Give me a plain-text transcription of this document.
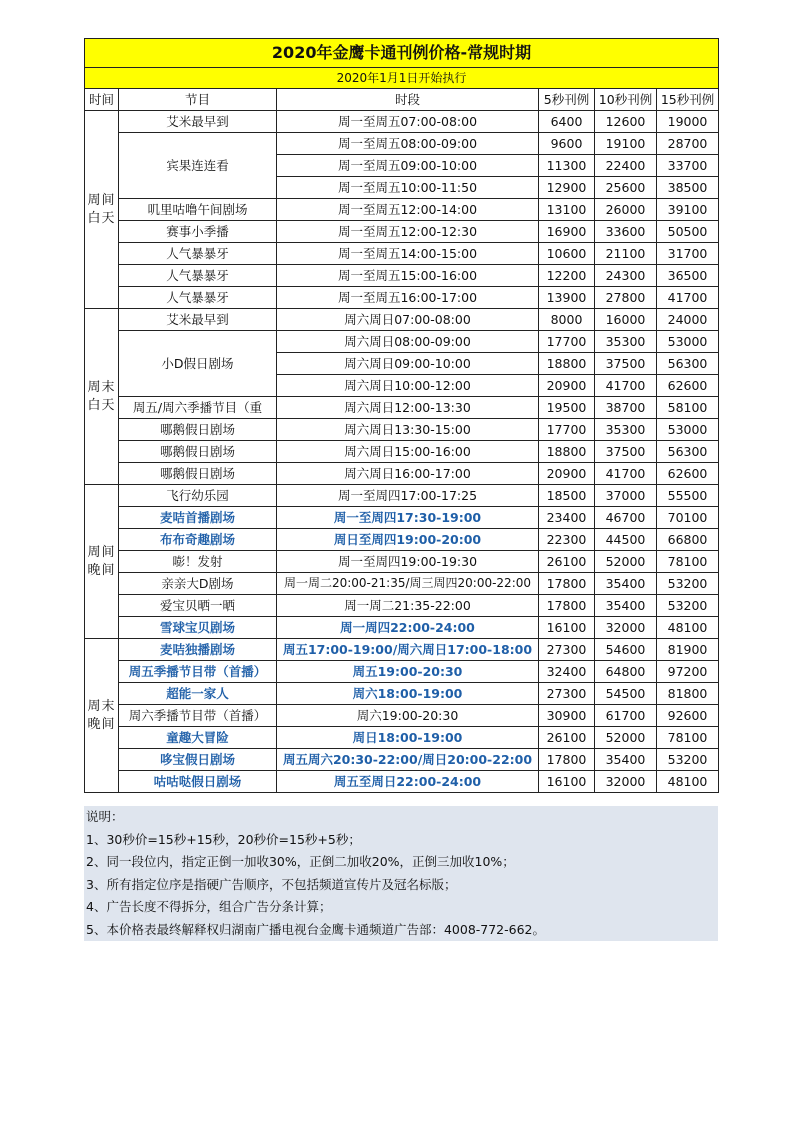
2020年金鹰卡通刊例价格-常规时期					
2020年1月1日开始执行					
时间	节目	时段	5秒刊例	10秒刊例	15秒刊例

周间
白天	艾米最早到	周一至周五07:00-08:00	6400	12600	19000
	宾果连连看	周一至周五08:00-09:00	9600	19100	28700
		周一至周五09:00-10:00	11300	22400	33700
		周一至周五10:00-11:50	12900	25600	38500
	叽里咕噜午间剧场	周一至周五12:00-14:00	13100	26000	39100
	赛事小季播	周一至周五12:00-12:30	16900	33600	50500
	人气暴暴牙	周一至周五14:00-15:00	10600	21100	31700
	人气暴暴牙	周一至周五15:00-16:00	12200	24300	36500
	人气暴暴牙	周一至周五16:00-17:00	13900	27800	41700

周末
白天	艾米最早到	周六周日07:00-08:00	8000	16000	24000
	小D假日剧场	周六周日08:00-09:00	17700	35300	53000
		周六周日09:00-10:00	18800	37500	56300
		周六周日10:00-12:00	20900	41700	62600
	周五/周六季播节目（重	周六周日12:00-13:30	19500	38700	58100
	哪鹅假日剧场	周六周日13:30-15:00	17700	35300	53000
	哪鹅假日剧场	周六周日15:00-16:00	18800	37500	56300
	哪鹅假日剧场	周六周日16:00-17:00	20900	41700	62600

周间
晚间	飞行幼乐园	周一至周四17:00-17:25	18500	37000	55500
	麦咭首播剧场	周一至周四17:30-19:00	23400	46700	70100
	布布奇趣剧场	周日至周四19:00-20:00	22300	44500	66800
	嘭！发射	周一至周四19:00-19:30	26100	52000	78100
	亲亲大D剧场	周一周二20:00-21:35/周三周四20:00-22:00	17800	35400	53200
	爱宝贝晒一晒	周一周二21:35-22:00	17800	35400	53200
	雪球宝贝剧场	周一周四22:00-24:00	16100	32000	48100

周末
晚间	麦咭独播剧场	周五17:00-19:00/周六周日17:00-18:00	27300	54600	81900
	周五季播节目带（首播）	周五19:00-20:30	32400	64800	97200
	超能一家人	周六18:00-19:00	27300	54500	81800
	周六季播节目带（首播）	周六19:00-20:30	30900	61700	92600
	童趣大冒险	周日18:00-19:00	26100	52000	78100
	哆宝假日剧场	周五周六20:30-22:00/周日20:00-22:00	17800	35400	53200
	咕咕哒假日剧场	周五至周日22:00-24:00	16100	32000	48100
说明：
1、30秒价=15秒+15秒，20秒价=15秒+5秒；
2、同一段位内，指定正倒一加收30%，正倒二加收20%，正倒三加收10%；
3、所有指定位序是指硬广告顺序，不包括频道宣传片及冠名标版；
4、广告长度不得拆分，组合广告分条计算；
5、本价格表最终解释权归湖南广播电视台金鹰卡通频道广告部：4008-772-662。
